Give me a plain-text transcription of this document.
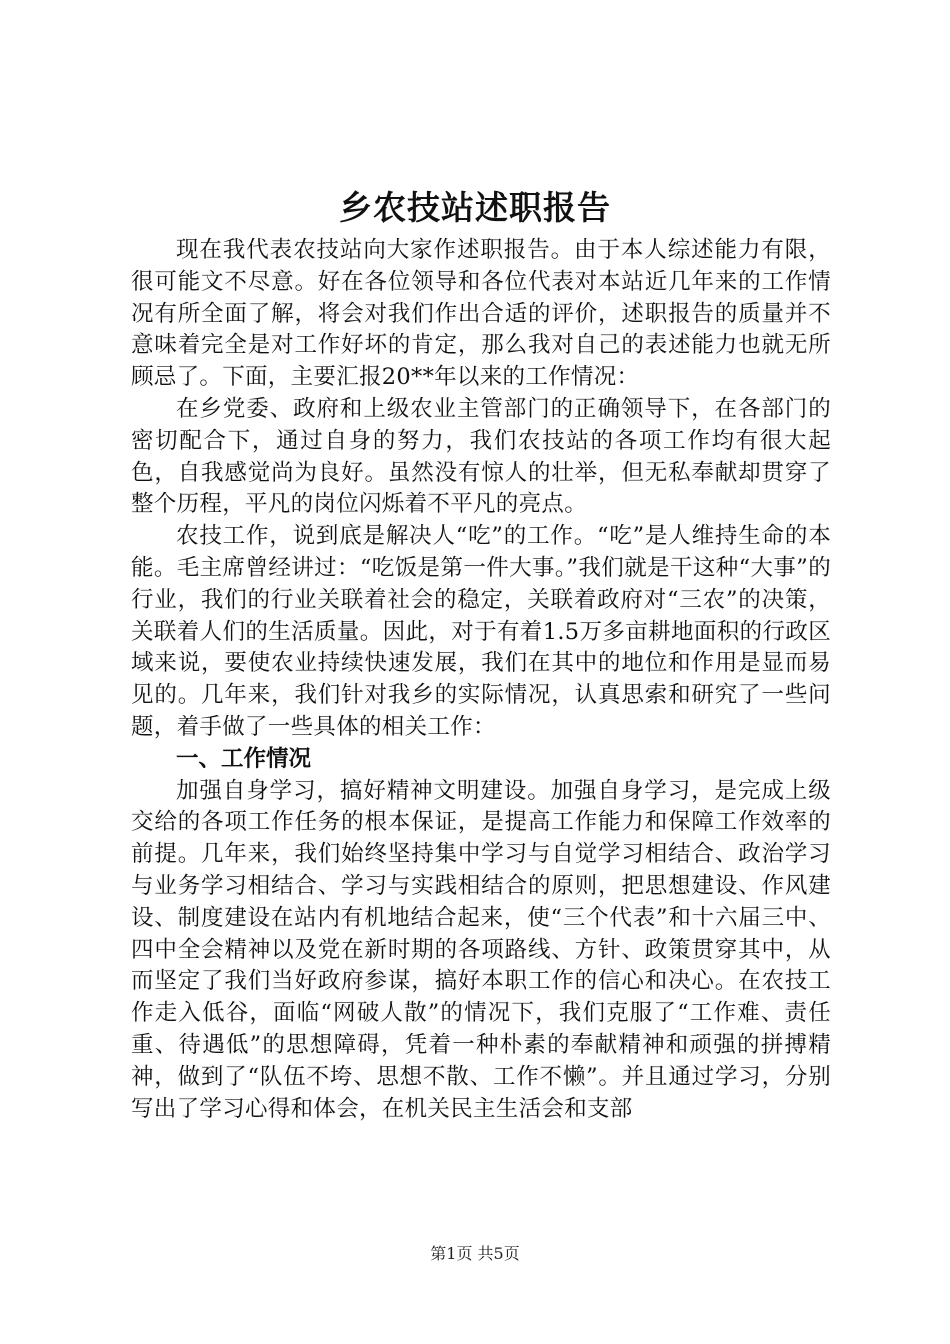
乡农技站述职报告

现在我代表农技站向大家作述职报告。由于本人综述能力有限，很可能文不尽意。好在各位领导和各位代表对本站近几年来的工作情况有所全面了解，将会对我们作出合适的评价，述职报告的质量并不意味着完全是对工作好坏的肯定，那么我对自己的表述能力也就无所顾忌了。下面，主要汇报20**年以来的工作情况：

在乡党委、政府和上级农业主管部门的正确领导下，在各部门的密切配合下，通过自身的努力，我们农技站的各项工作均有很大起色，自我感觉尚为良好。虽然没有惊人的壮举，但无私奉献却贯穿了整个历程，平凡的岗位闪烁着不平凡的亮点。

农技工作，说到底是解决人“吃”的工作。“吃”是人维持生命的本能。毛主席曾经讲过：“吃饭是第一件大事。”我们就是干这种“大事”的行业，我们的行业关联着社会的稳定，关联着政府对“三农”的决策，关联着人们的生活质量。因此，对于有着1.5万多亩耕地面积的行政区域来说，要使农业持续快速发展，我们在其中的地位和作用是显而易见的。几年来，我们针对我乡的实际情况，认真思索和研究了一些问题，着手做了一些具体的相关工作：

一、工作情况

加强自身学习，搞好精神文明建设。加强自身学习，是完成上级交给的各项工作任务的根本保证，是提高工作能力和保障工作效率的前提。几年来，我们始终坚持集中学习与自觉学习相结合、政治学习与业务学习相结合、学习与实践相结合的原则，把思想建设、作风建设、制度建设在站内有机地结合起来，使“三个代表”和十六届三中、四中全会精神以及党在新时期的各项路线、方针、政策贯穿其中，从而坚定了我们当好政府参谋，搞好本职工作的信心和决心。在农技工作走入低谷，面临“网破人散”的情况下，我们克服了“工作难、责任重、待遇低”的思想障碍，凭着一种朴素的奉献精神和顽强的拼搏精神，做到了“队伍不垮、思想不散、工作不懒”。并且通过学习，分别写出了学习心得和体会，在机关民主生活会和支部

第1页 共5页
